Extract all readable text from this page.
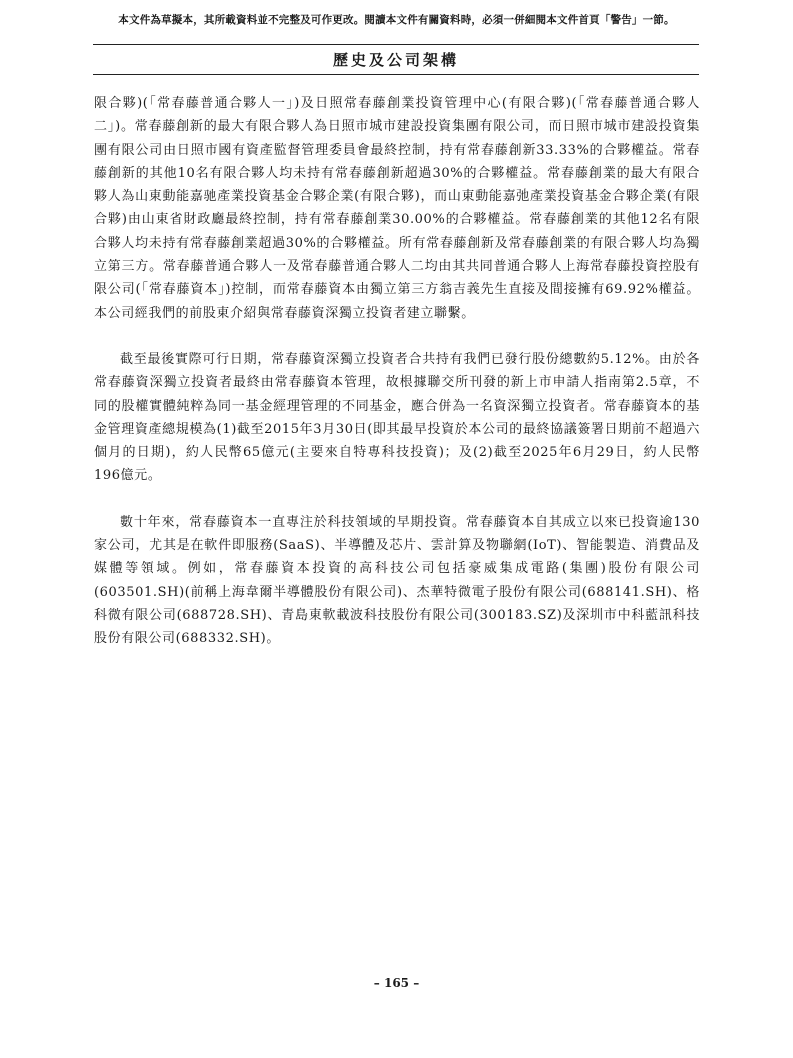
本文件為草擬本，其所載資料並不完整及可作更改。閱讀本文件有關資料時，必須一併細閱本文件首頁「警告」一節。
歷史及公司架構

限合夥)(「常春藤普通合夥人一」)及日照常春藤創業投資管理中心(有限合夥)(「常春藤普通合夥人二」)。常春藤創新的最大有限合夥人為日照市城市建設投資集團有限公司，而日照市城市建設投資集團有限公司由日照市國有資產監督管理委員會最終控制，持有常春藤創新33.33%的合夥權益。常春藤創新的其他10名有限合夥人均未持有常春藤創新超過30%的合夥權益。常春藤創業的最大有限合夥人為山東動能嘉驰產業投資基金合夥企業(有限合夥)，而山東動能嘉弛產業投資基金合夥企業(有限合夥)由山東省財政廳最終控制，持有常春藤創業30.00%的合夥權益。常春藤創業的其他12名有限合夥人均未持有常春藤創業超過30%的合夥權益。所有常春藤創新及常春藤創業的有限合夥人均為獨立第三方。常春藤普通合夥人一及常春藤普通合夥人二均由其共同普通合夥人上海常春藤投資控股有限公司(「常春藤資本」)控制，而常春藤資本由獨立第三方翁吉義先生直接及間接擁有69.92%權益。本公司經我們的前股東介紹與常春藤資深獨立投資者建立聯繫。

截至最後實際可行日期，常春藤資深獨立投資者合共持有我們已發行股份總數約5.12%。由於各常春藤資深獨立投資者最終由常春藤資本管理，故根據聯交所刊發的新上市申請人指南第2.5章，不同的股權實體純粹為同一基金經理管理的不同基金，應合併為一名資深獨立投資者。常春藤資本的基金管理資產總規模為(1)截至2015年3月30日(即其最早投資於本公司的最終協議簽署日期前不超過六個月的日期)，約人民幣65億元(主要來自特專科技投資)；及(2)截至2025年6月29日，約人民幣196億元。

數十年來，常春藤資本一直專注於科技領域的早期投資。常春藤資本自其成立以來已投資逾130家公司，尤其是在軟件即服務(SaaS)、半導體及芯片、雲計算及物聯網(IoT)、智能製造、消費品及媒體等領域。例如，常春藤資本投資的高科技公司包括豪威集成電路(集團)股份有限公司(603501.SH)(前稱上海韋爾半導體股份有限公司)、杰華特微電子股份有限公司(688141.SH)、格科微有限公司(688728.SH)、青島東軟載波科技股份有限公司(300183.SZ)及深圳市中科藍訊科技股份有限公司(688332.SH)。

– 165 –
